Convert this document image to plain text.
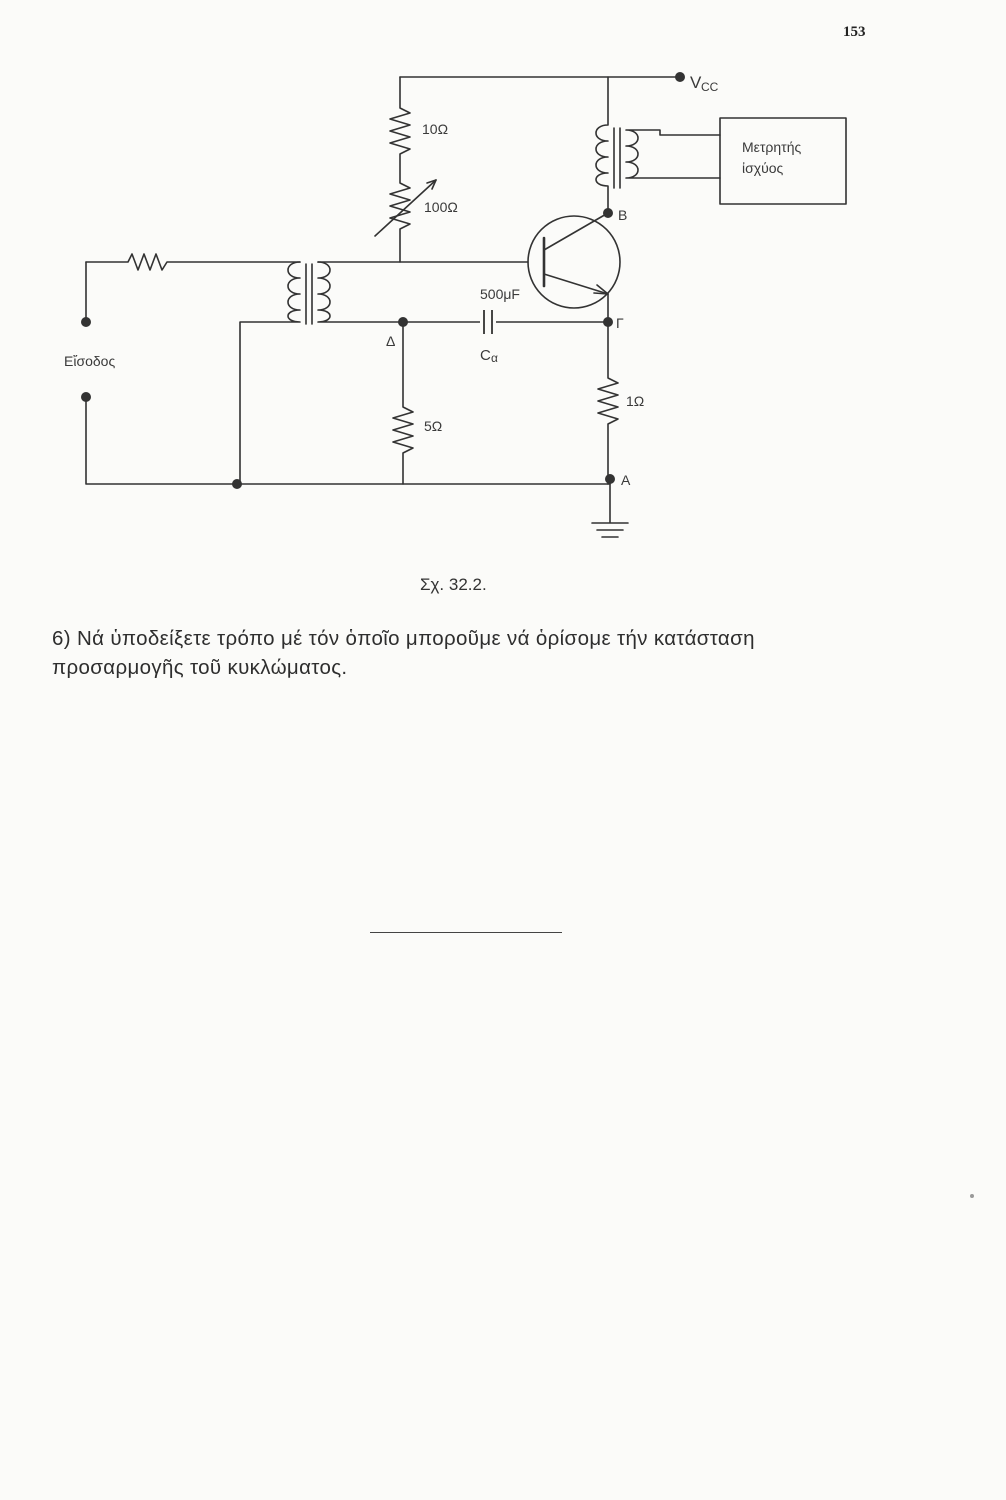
153
V CC
10Ω
100Ω
5Ω
1Ω
500μF
C α
Εἴσοδος
Β
Γ
Δ
Α
Μετρητής
ἰσχύος
Σχ. 32.2.
6) Νά ὑποδείξετε τρόπο μέ τόν ὁποῖο μποροῦμε νά ὁρίσομε τήν κατάσταση προσαρμογῆς τοῦ κυκλώματος.
